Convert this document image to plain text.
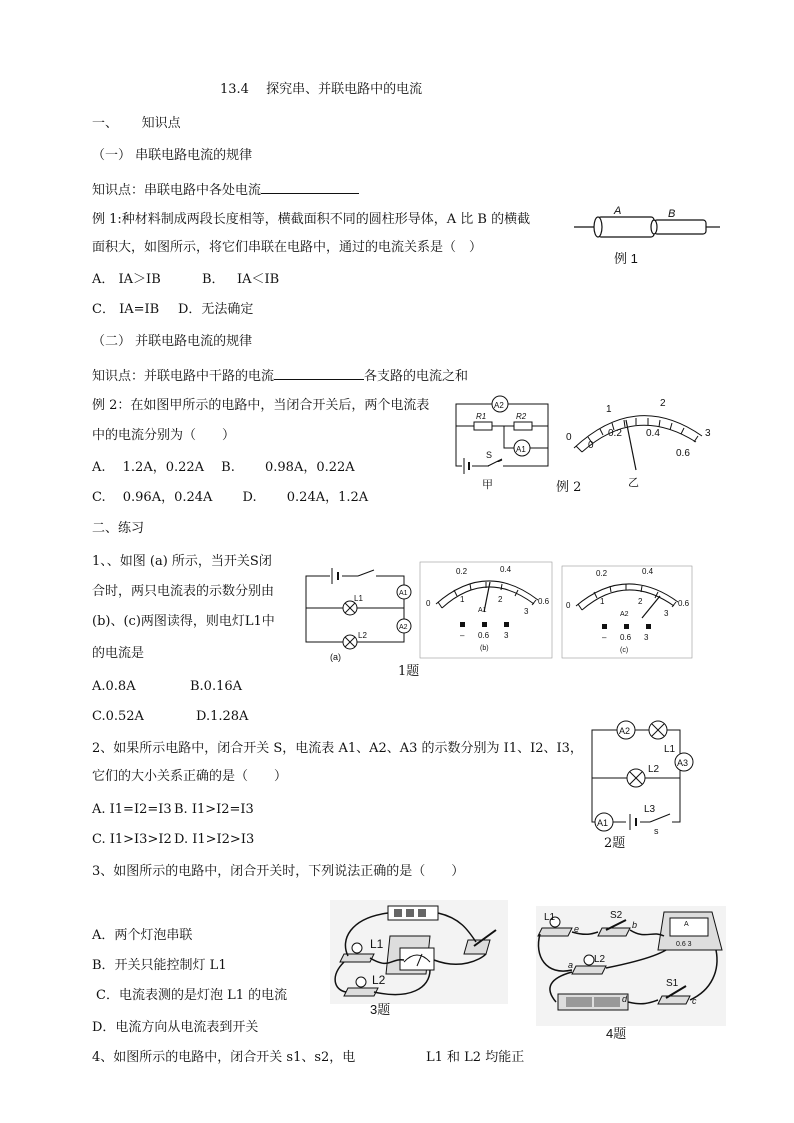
13.4　 探究串、并联电路中的电流
一、　　 知识点
（一） 串联电路电流的规律
知识点：串联电路中各处电流
例 1:种材料制成两段长度相等，横截面积不同的圆柱形导体，A 比 B 的横截
面积大，如图所示，将它们串联在电路中，通过的电流关系是（　）
A． IA＞IB	B． IA＜IB
C． IA=IB D．无法确定
（二） 并联电路电流的规律
知识点：并联电路中干路的电流	各支路的电流之和
例 2：在如图甲所示的电路中，当闭合开关后，两个电流表
中的电流分别为（　　）
A.　 1.2A，0.22A　 B.　 　0.98A，0.22A
C.　 0.96A，0.24A　　 D.　 　0.24A，1.2A
二、练习
1、、如图 (a) 所示，当开关S闭
合时，两只电流表的示数分别由
(b)、(c)两图读得，则电灯L1中
的电流是
A.0.8A	B.0.16A
C.0.52A	D.1.28A
2、如果所示电路中，闭合开关 S，电流表 A1、A2、A3 的示数分别为 I1、I2、I3，
它们的大小关系正确的是（　　）
A. I1=I2=I3 B. I1>I2=I3
C. I1>I3>I2 D. I1>I2>I3
3、如图所示的电路中，闭合开关时，下列说法正确的是（　　）
A．两个灯泡串联
B．开关只能控制灯 L1
C．电流表测的是灯泡 L1 的电流
D．电流方向从电流表到开关
4、如图所示的电路中，闭合开关 s1、s2，电	L1 和 L2 均能正
A	B
例 1
A2
R1	R2
A1
S
甲
0
1
2
3
0
0.2 0.4
0.6
乙
例 2
L1
L2
A1
A2
(a)
0.2	0.4
0	1	2
3
0.6
A1
– 0.6 3
(b)
0.2	0.4
0	1	2
3
0.6
A2
– 0.6 3
(c)
1题
A2
L1
L2
A3
A1
L3
s
2题
L1
L2
3题
L1
e
S2
b	A
0.6 3
L2
a
d
S1
c
4题
